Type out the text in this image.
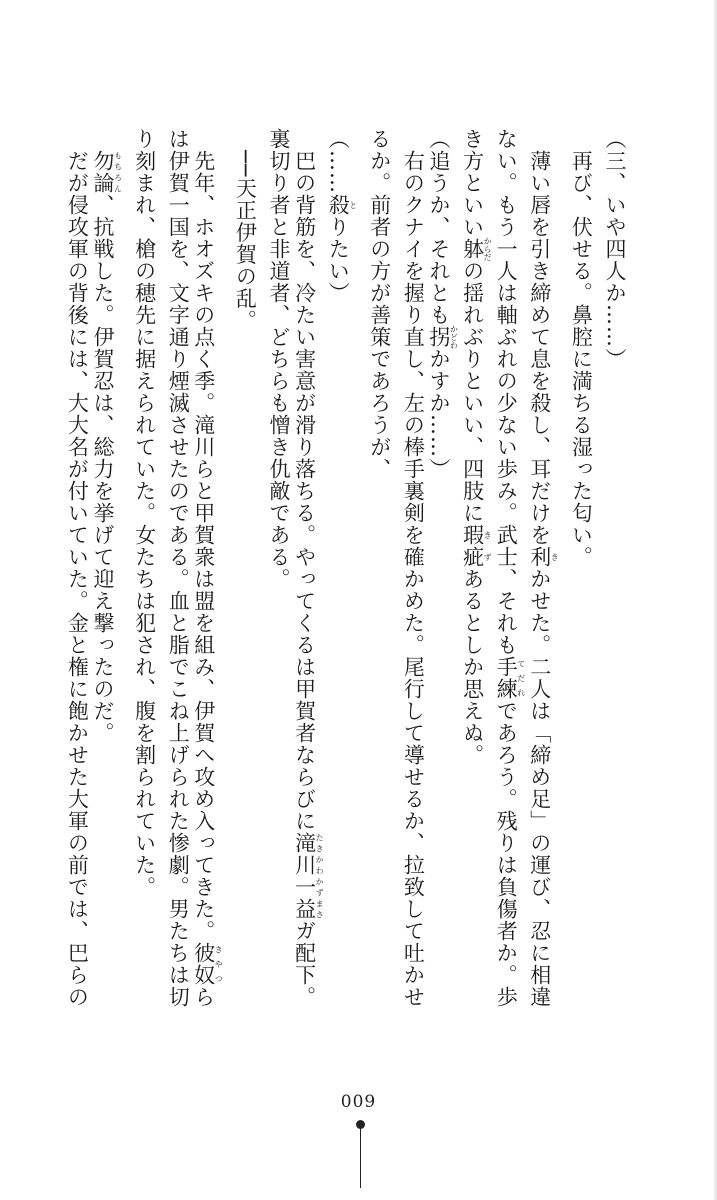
（三、いや四人か……）
再び、伏せる。鼻腔に満ちる湿った匂い。
薄い唇を引き締めて息を殺し、耳だけを利きかせた。二人は「締め足」の運び、忍に相違
ない。もう一人は軸ぶれの少ない歩み。武士、それも手練てだれであろう。残りは負傷者か。歩
き方といい躰からだの揺れぶりといい、四肢に瑕疵きずあるとしか思えぬ。
（追うか、それとも拐かどわかすか……）
右のクナイを握り直し、左の棒手裏剣を確かめた。尾行して導せるか、拉致して吐かせ
るか。前者の方が善策であろうが、
（……殺とりたい）
巴の背筋を、冷たい害意が滑り落ちる。やってくるは甲賀者ならびに滝川一益たきかわかずまさガ配下。
裏切り者と非道者、どちらも憎き仇敵である。
──天正伊賀の乱。
先年、ホオズキの点く季。滝川らと甲賀衆は盟を組み、伊賀へ攻め入ってきた。彼奴きやつら
は伊賀一国を、文字通り煙滅させたのである。血と脂でこね上げられた惨劇。男たちは切
り刻まれ、槍の穂先に据えられていた。女たちは犯され、腹を割られていた。
勿論もちろん、抗戦した。伊賀忍は、総力を挙げて迎え撃ったのだ。
だが侵攻軍の背後には、大大名が付いていた。金と権に飽かせた大軍の前では、巴らの
009
